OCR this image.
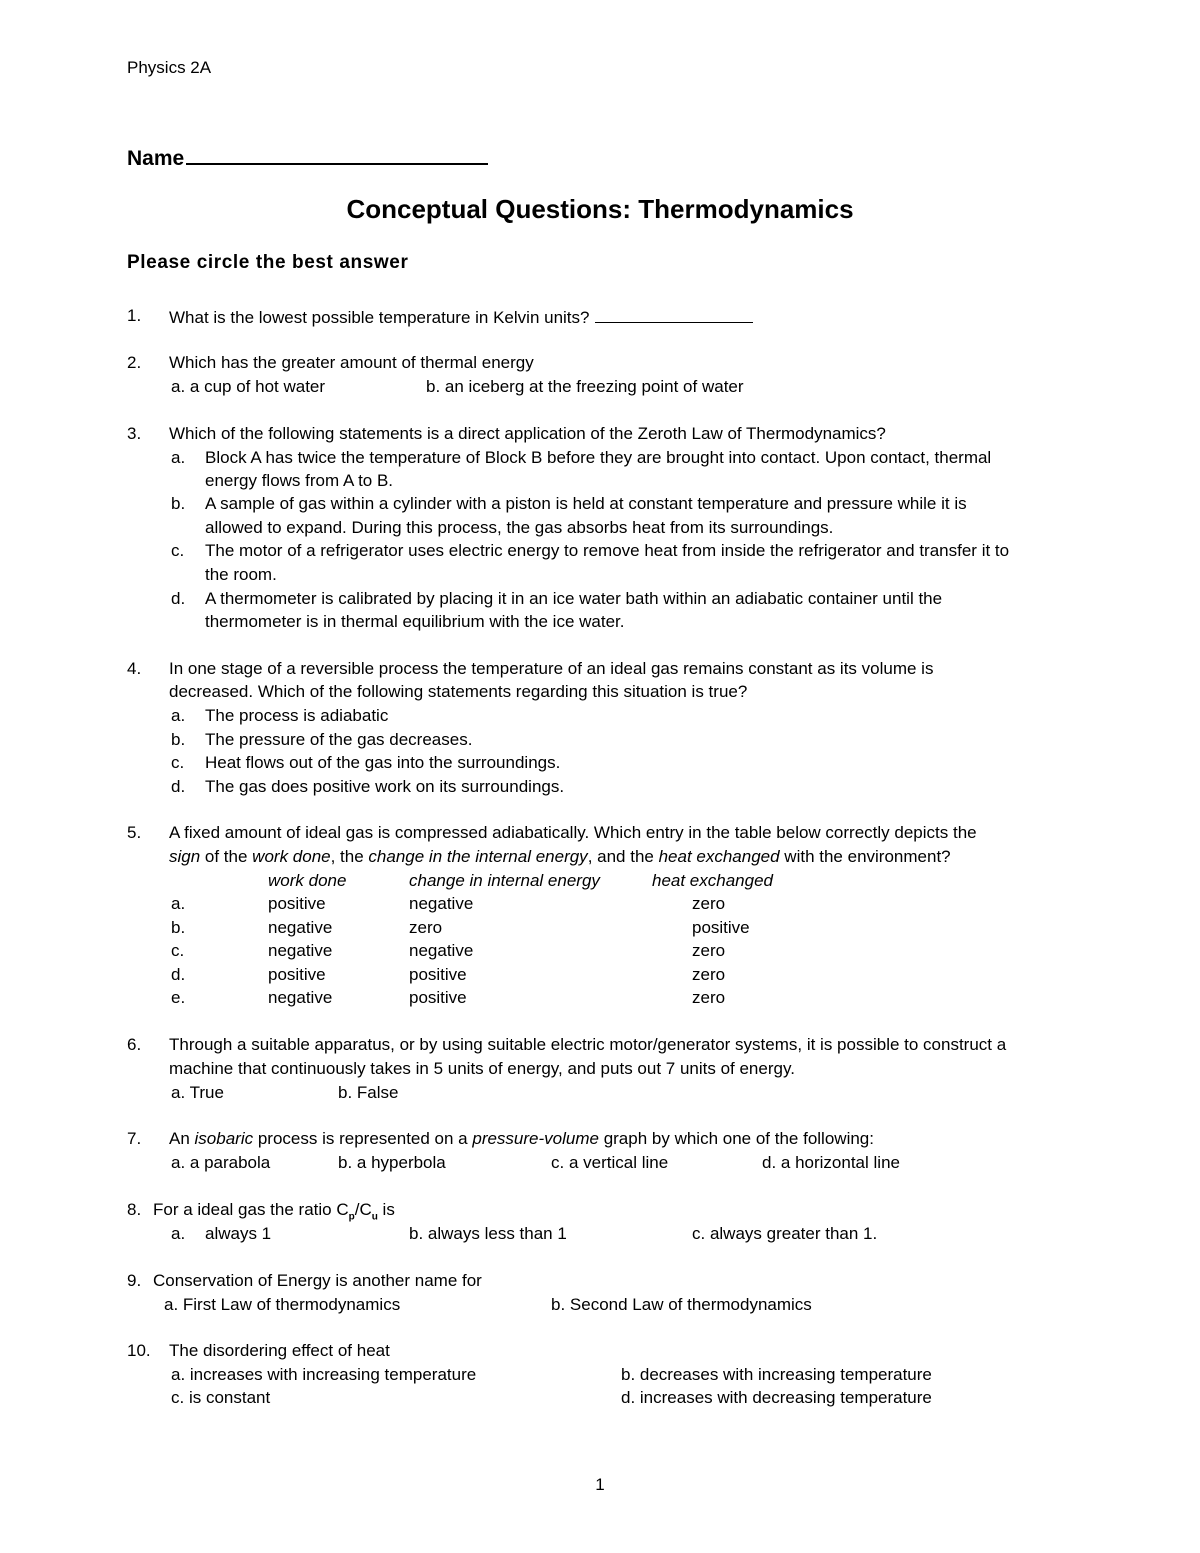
Physics 2A
Name
Conceptual Questions: Thermodynamics
Please circle the best answer
1. What is the lowest possible temperature in Kelvin units?
2. Which has the greater amount of thermal energy
a. a cup of hot water	b. an iceberg at the freezing point of water
3. Which of the following statements is a direct application of the Zeroth Law of Thermodynamics?
a. Block A has twice the temperature of Block B before they are brought into contact. Upon contact, thermal
energy flows from A to B.
b. A sample of gas within a cylinder with a piston is held at constant temperature and pressure while it is
allowed to expand. During this process, the gas absorbs heat from its surroundings.
c. The motor of a refrigerator uses electric energy to remove heat from inside the refrigerator and transfer it to
the room.
d. A thermometer is calibrated by placing it in an ice water bath within an adiabatic container until the
thermometer is in thermal equilibrium with the ice water.
4. In one stage of a reversible process the temperature of an ideal gas remains constant as its volume is
decreased. Which of the following statements regarding this situation is true?
a. The process is adiabatic
b. The pressure of the gas decreases.
c. Heat flows out of the gas into the surroundings.
d. The gas does positive work on its surroundings.
5. A fixed amount of ideal gas is compressed adiabatically. Which entry in the table below correctly depicts the
sign of the work done, the change in the internal energy, and the heat exchanged with the environment?
work done	change in internal energy	heat exchanged
a.	positive	negative	zero
b.	negative	zero	positive
c.	negative	negative	zero
d.	positive	positive	zero
e.	negative	positive	zero
6. Through a suitable apparatus, or by using suitable electric motor/generator systems, it is possible to construct a
machine that continuously takes in 5 units of energy, and puts out 7 units of energy.
a. True	b. False
7. An isobaric process is represented on a pressure-volume graph by which one of the following:
a. a parabola	b. a hyperbola	c. a vertical line	d. a horizontal line
8. For a ideal gas the ratio $C_p/C_u$ is
a. always 1	b. always less than 1	c. always greater than 1.
9. Conservation of Energy is another name for
a. First Law of thermodynamics	b. Second Law of thermodynamics
10. The disordering effect of heat
a. increases with increasing temperature	b. decreases with increasing temperature
c. is constant	d. increases with decreasing temperature
1
